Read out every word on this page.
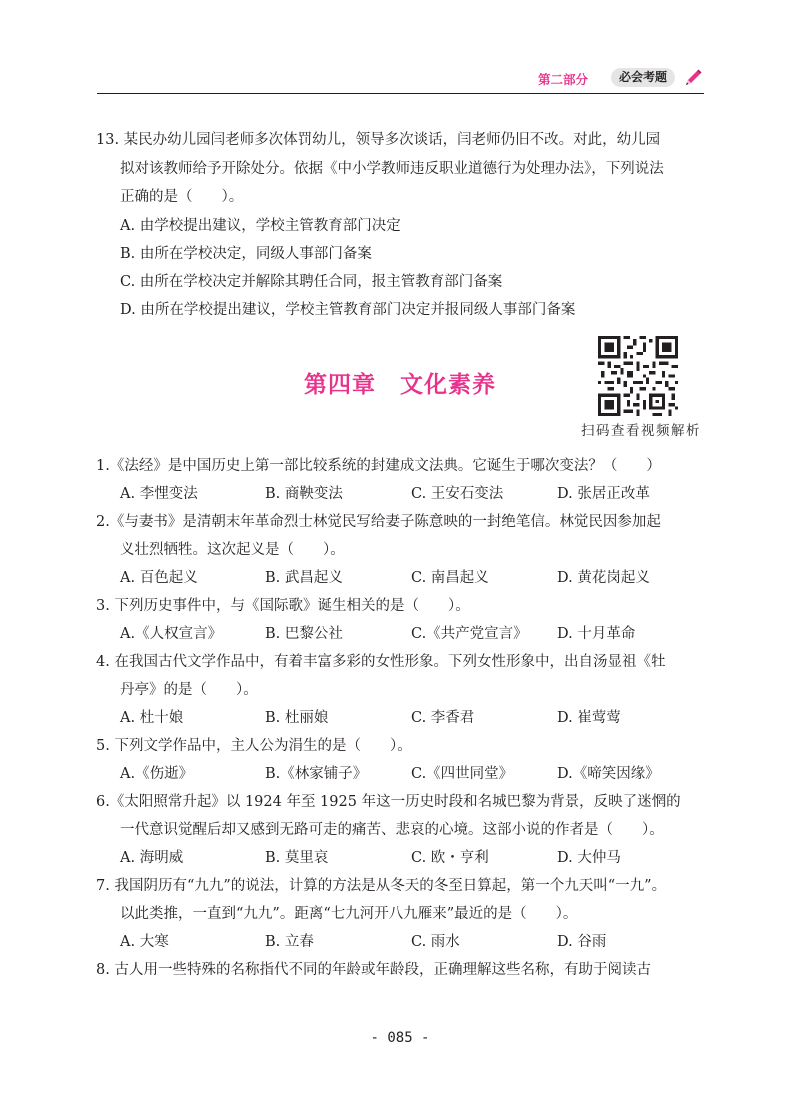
第二部分	必会考题
13. 某民办幼儿园闫老师多次体罚幼儿，领导多次谈话，闫老师仍旧不改。对此，幼儿园
拟对该教师给予开除处分。依据《中小学教师违反职业道德行为处理办法》，下列说法
正确的是（　　）。
A. 由学校提出建议，学校主管教育部门决定
B. 由所在学校决定，同级人事部门备案
C. 由所在学校决定并解除其聘任合同，报主管教育部门备案
D. 由所在学校提出建议，学校主管教育部门决定并报同级人事部门备案
第四章　文化素养
扫码查看视频解析
1.《法经》是中国历史上第一部比较系统的封建成文法典。它诞生于哪次变法？（　　）
A. 李悝变法	B. 商鞅变法	C. 王安石变法	D. 张居正改革
2.《与妻书》是清朝末年革命烈士林觉民写给妻子陈意映的一封绝笔信。林觉民因参加起
义壮烈牺牲。这次起义是（　　）。
A. 百色起义	B. 武昌起义	C. 南昌起义	D. 黄花岗起义
3. 下列历史事件中，与《国际歌》诞生相关的是（　　）。
A.《人权宣言》	B. 巴黎公社	C.《共产党宣言》 D. 十月革命
4. 在我国古代文学作品中，有着丰富多彩的女性形象。下列女性形象中，出自汤显祖《牡
丹亭》的是（　　）。
A. 杜十娘	B. 杜丽娘	C. 李香君	D. 崔莺莺
5. 下列文学作品中，主人公为涓生的是（　　）。
A.《伤逝》	B.《林家铺子》	C.《四世同堂》	D.《啼笑因缘》
6.《太阳照常升起》以 1924 年至 1925 年这一历史时段和名城巴黎为背景，反映了迷惘的
一代意识觉醒后却又感到无路可走的痛苦、悲哀的心境。这部小说的作者是（　　）。
A. 海明威	B. 莫里哀	C. 欧・亨利	D. 大仲马
7. 我国阴历有“九九”的说法，计算的方法是从冬天的冬至日算起，第一个九天叫“一九”。
以此类推，一直到“九九”。距离“七九河开八九雁来”最近的是（　　）。
A. 大寒	B. 立春	C. 雨水	D. 谷雨
8. 古人用一些特殊的名称指代不同的年龄或年龄段，正确理解这些名称，有助于阅读古
- 085 -
